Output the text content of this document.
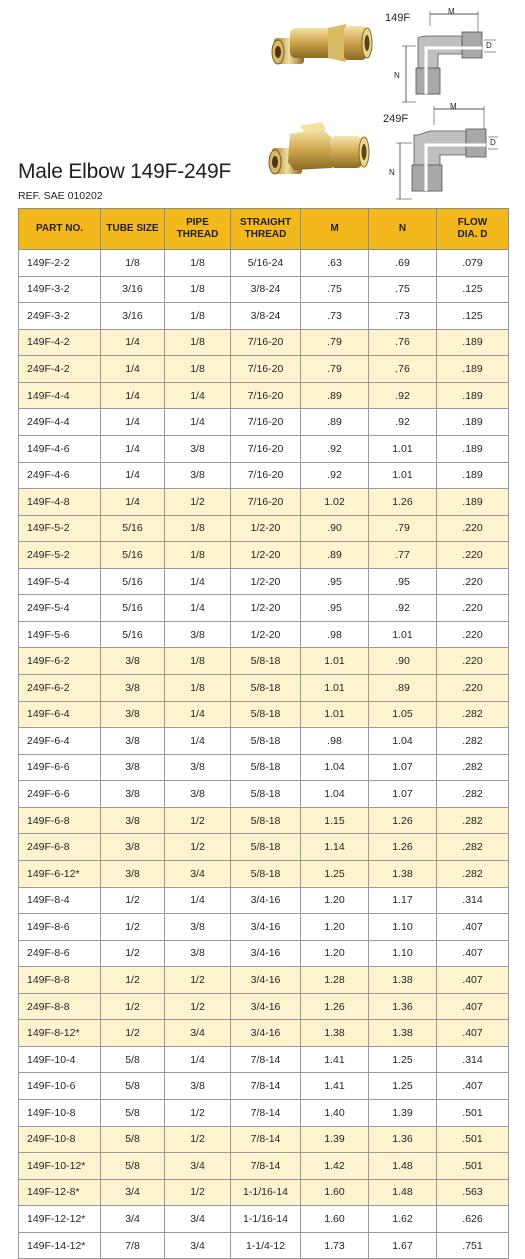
149F
M
D
N
249F
M
D
N
Male Elbow 149F-249F
REF. SAE 010202
PART NO.	TUBE SIZE	PIPE
THREAD	STRAIGHT
THREAD	M	N	FLOW
DIA. D
149F-2-2	1/8	1/8	5/16-24	.63	.69	.079
149F-3-2	3/16	1/8	3/8-24	.75	.75	.125
249F-3-2	3/16	1/8	3/8-24	.73	.73	.125
149F-4-2	1/4	1/8	7/16-20	.79	.76	.189
249F-4-2	1/4	1/8	7/16-20	.79	.76	.189
149F-4-4	1/4	1/4	7/16-20	.89	.92	.189
249F-4-4	1/4	1/4	7/16-20	.89	.92	.189
149F-4-6	1/4	3/8	7/16-20	.92	1.01	.189
249F-4-6	1/4	3/8	7/16-20	.92	1.01	.189
149F-4-8	1/4	1/2	7/16-20	1.02	1.26	.189
149F-5-2	5/16	1/8	1/2-20	.90	.79	.220
249F-5-2	5/16	1/8	1/2-20	.89	.77	.220
149F-5-4	5/16	1/4	1/2-20	.95	.95	.220
249F-5-4	5/16	1/4	1/2-20	.95	.92	.220
149F-5-6	5/16	3/8	1/2-20	.98	1.01	.220
149F-6-2	3/8	1/8	5/8-18	1.01	.90	.220
249F-6-2	3/8	1/8	5/8-18	1.01	.89	.220
149F-6-4	3/8	1/4	5/8-18	1.01	1.05	.282
249F-6-4	3/8	1/4	5/8-18	.98	1.04	.282
149F-6-6	3/8	3/8	5/8-18	1.04	1.07	.282
249F-6-6	3/8	3/8	5/8-18	1.04	1.07	.282
149F-6-8	3/8	1/2	5/8-18	1.15	1.26	.282
249F-6-8	3/8	1/2	5/8-18	1.14	1.26	.282
149F-6-12*	3/8	3/4	5/8-18	1.25	1.38	.282
149F-8-4	1/2	1/4	3/4-16	1.20	1.17	.314
149F-8-6	1/2	3/8	3/4-16	1.20	1.10	.407
249F-8-6	1/2	3/8	3/4-16	1.20	1.10	.407
149F-8-8	1/2	1/2	3/4-16	1.28	1.38	.407
249F-8-8	1/2	1/2	3/4-16	1.26	1.36	.407
149F-8-12*	1/2	3/4	3/4-16	1.38	1.38	.407
149F-10-4	5/8	1/4	7/8-14	1.41	1.25	.314
149F-10-6	5/8	3/8	7/8-14	1.41	1.25	.407
149F-10-8	5/8	1/2	7/8-14	1.40	1.39	.501
249F-10-8	5/8	1/2	7/8-14	1.39	1.36	.501
149F-10-12*	5/8	3/4	7/8-14	1.42	1.48	.501
149F-12-8*	3/4	1/2	1-1/16-14	1.60	1.48	.563
149F-12-12*	3/4	3/4	1-1/16-14	1.60	1.62	.626
149F-14-12*	7/8	3/4	1-1/4-12	1.73	1.67	.751
